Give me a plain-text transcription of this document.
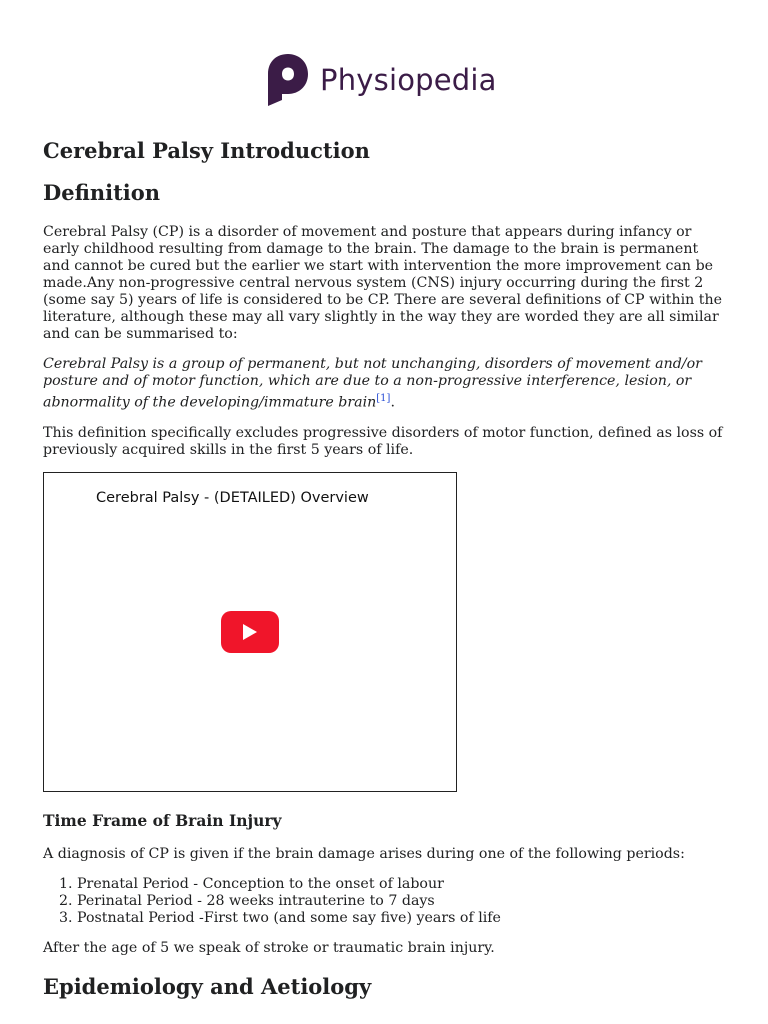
Physiopedia
Cerebral Palsy Introduction
Definition

Cerebral Palsy (CP) is a disorder of movement and posture that appears during infancy or early childhood resulting from damage to the brain. The damage to the brain is permanent and cannot be cured but the earlier we start with intervention the more improvement can be made.Any non-progressive central nervous system (CNS) injury occurring during the first 2 (some say 5) years of life is considered to be CP. There are several definitions of CP within the literature, although these may all vary slightly in the way they are worded they are all similar and can be summarised to:

Cerebral Palsy is a group of permanent, but not unchanging, disorders of movement and/or posture and of motor function, which are due to a non-progressive interference, lesion, or abnormality of the developing/immature brain[1].

This definition specifically excludes progressive disorders of motor function, defined as loss of previously acquired skills in the first 5 years of life.

Cerebral Palsy - (DETAILED) Overview
Time Frame of Brain Injury

A diagnosis of CP is given if the brain damage arises during one of the following periods:

1. Prenatal Period - Conception to the onset of labour
2. Perinatal Period - 28 weeks intrauterine to 7 days
3. Postnatal Period -First two (and some say five) years of life

After the age of 5 we speak of stroke or traumatic brain injury.

Epidemiology and Aetiology
